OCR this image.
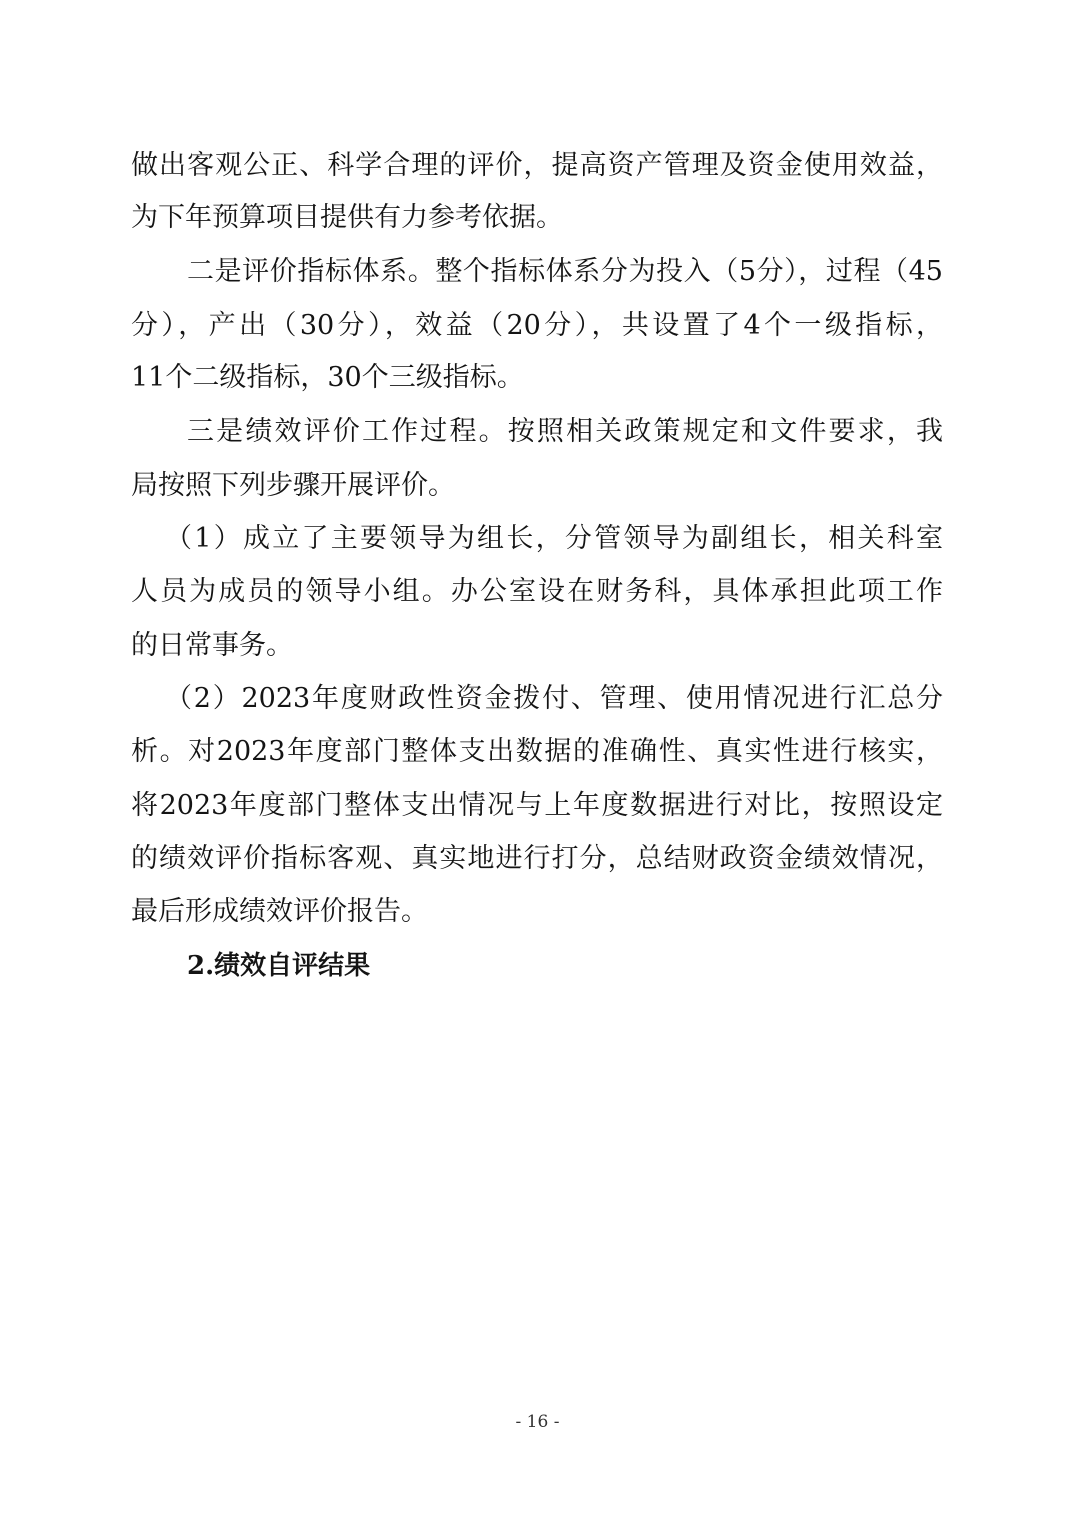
做出客观公正、科学合理的评价，提高资产管理及资金使用效益，
为下年预算项目提供有力参考依据。
二是评价指标体系。整个指标体系分为投入（5分），过程（45
分），产出（30分），效益（20分），共设置了4个一级指标，
11个二级指标，30个三级指标。
三是绩效评价工作过程。按照相关政策规定和文件要求，我
局按照下列步骤开展评价。
（1）成立了主要领导为组长，分管领导为副组长，相关科室
人员为成员的领导小组。办公室设在财务科，具体承担此项工作
的日常事务。
（2）2023年度财政性资金拨付、管理、使用情况进行汇总分
析。对2023年度部门整体支出数据的准确性、真实性进行核实，
将2023年度部门整体支出情况与上年度数据进行对比，按照设定
的绩效评价指标客观、真实地进行打分，总结财政资金绩效情况，
最后形成绩效评价报告。
2.绩效自评结果
- 16 -
